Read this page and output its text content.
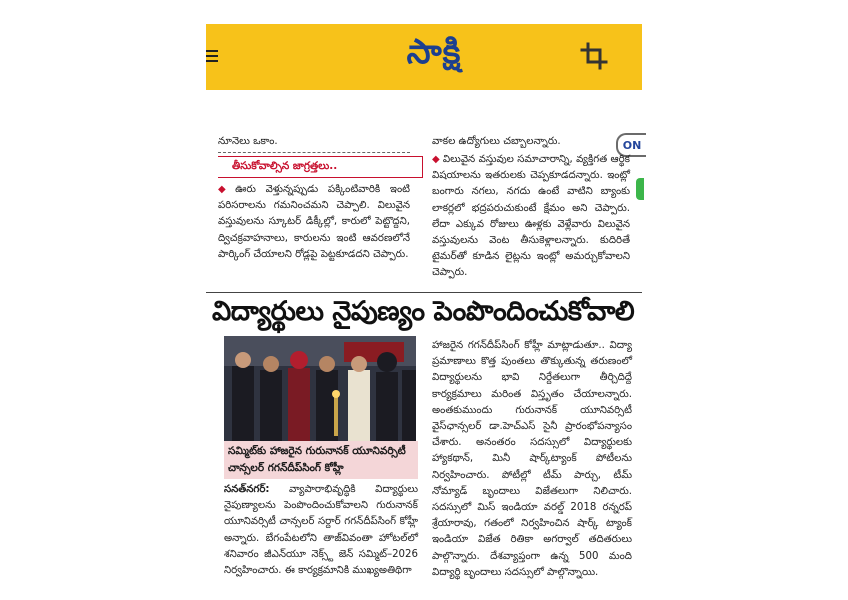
సాక్షి
ON
నూనెలు ఒకాం.
తీసుకోవాల్సిన జాగ్రత్తలు..

◆ ఊరు వెళ్తున్నప్పుడు పక్కింటివారికి ఇంటి పరిసరాలను గమనించమని చెప్పాలి. విలువైన వస్తువులను స్కూటర్ డిక్కీల్లో, కారులో పెట్టొద్దని, ద్విచక్రవాహనాలు, కారులను ఇంటి ఆవరణలోనే పార్కింగ్ చేయాలని రోడ్లపై పెట్టకూడదని చెప్పారు.

వాకల ఉద్యోగులు చబ్బాలన్నారు.

◆ విలువైన వస్తువుల సమాచారాన్ని, వ్యక్తిగత ఆర్థిక విషయాలను ఇతరులకు చెప్పకూడదన్నారు. ఇంట్లో బంగారు నగలు, నగదు ఉంటే వాటిని బ్యాంకు లాకర్లలో భద్రపరుచుకుంటే క్షేమం అని చెప్పారు. లేదా ఎక్కువ రోజులు ఊళ్లకు వెళ్లేవారు విలువైన వస్తువులను వెంట తీసుకెళ్లాలన్నారు. కుదిరితే టైమర్‌తో కూడిన లైట్లను ఇంట్లో అమర్చుకోవాలని చెప్పారు.

విద్యార్థులు నైపుణ్యం పెంపొందించుకోవాలి
సమ్మిట్‌కు హాజరైన గురునానక్ యూనివర్సిటీ చాన్సలర్ గగన్‌దీప్‌సింగ్ కోహ్లీ

సనత్‌నగర్: వ్యాపారాభివృద్ధికి విద్యార్థులు నైపుణ్యాలను పెంపొందించుకోవాలని గురునానక్ యూనివర్సిటీ చాన్సలర్ సర్దార్ గగన్‌దీప్‌సింగ్ కోహ్లీ అన్నారు. బేగంపేటలోని తాజ్‌వివంతా హోటల్‌లో శనివారం జీఎన్‌యూ నెక్స్ట్ జెన్ సమ్మిట్–2026 నిర్వహించారు. ఈ కార్యక్రమానికి ముఖ్యఅతిథిగా

హాజరైన గగన్‌దీప్‌సింగ్ కోహ్లీ మాట్లాడుతూ.. విద్యా ప్రమాణాలు కొత్త పుంతలు తొక్కుతున్న తరుణంలో విద్యార్థులను భావి నిర్దేతలుగా తీర్చిదిద్దే కార్యక్రమాలు మరింత విస్తృతం చేయాలన్నారు. అంతకుముందు గురునానక్ యూనివర్సిటీ వైస్‌ఛాన్సలర్ డా.హెచ్‌ఎస్ సైనీ ప్రారంభోపన్యాసం చేశారు. అనంతరం సదస్సులో విద్యార్థులకు హ్యాకథాన్, మినీ షార్క్‌ట్యాంక్ పోటీలను నిర్వహించారు. పోటీల్లో టీమ్ పార్చు, టీమ్ నోమ్యాడ్ బృందాలు విజేతలుగా నిలిచారు. సదస్సులో మిస్ ఇండియా వరల్డ్ 2018 రన్నరప్ శ్రేయారావు, గతంలో నిర్వహించిన షార్క్ ట్యాంక్ ఇండియా విజేత రితికా అగర్వాల్ తదితరులు పాల్గొన్నారు. దేశవ్యాప్తంగా ఉన్న 500 మంది విద్యార్థి బృందాలు సదస్సులో పాల్గొన్నాయి.
